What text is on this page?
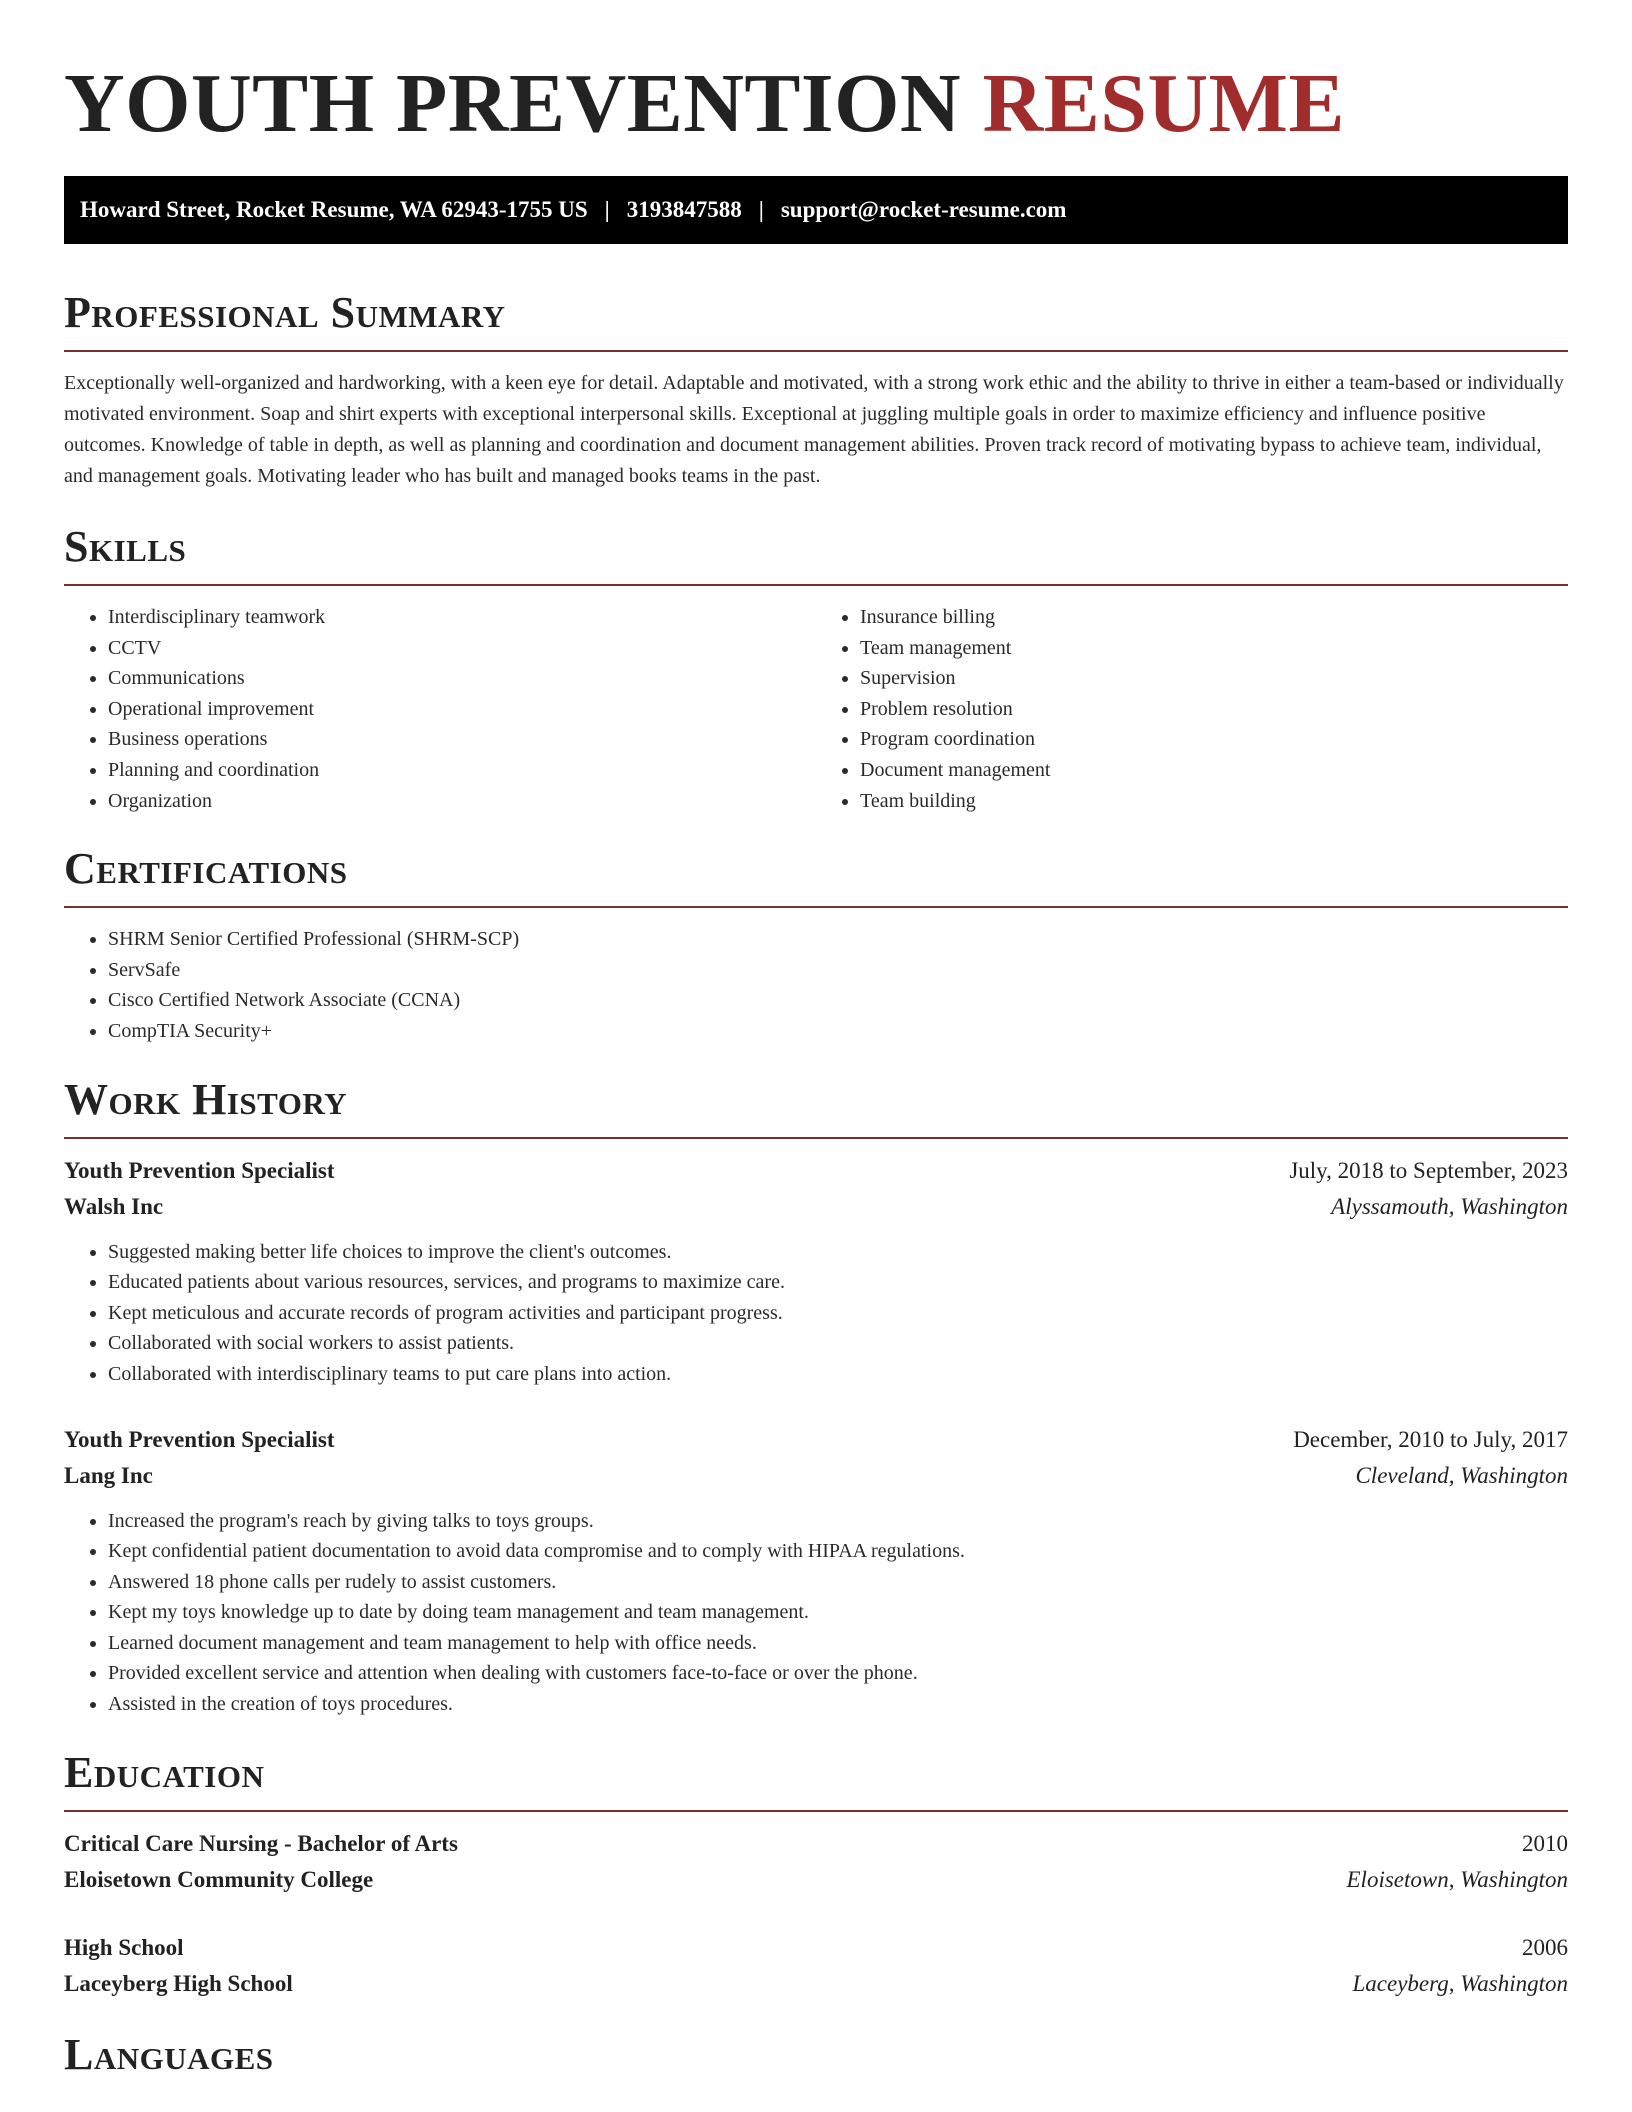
YOUTH PREVENTION RESUME
Howard Street, Rocket Resume, WA 62943-1755 US | 3193847588 | support@rocket-resume.com
Professional Summary

Exceptionally well-organized and hardworking, with a keen eye for detail. Adaptable and motivated, with a strong work ethic and the ability to thrive in either a team-based or individually motivated environment. Soap and shirt experts with exceptional interpersonal skills. Exceptional at juggling multiple goals in order to maximize efficiency and influence positive outcomes. Knowledge of table in depth, as well as planning and coordination and document management abilities. Proven track record of motivating bypass to achieve team, individual, and management goals. Motivating leader who has built and managed books teams in the past.

Skills
• Interdisciplinary teamwork
• CCTV
• Communications
• Operational improvement
• Business operations
• Planning and coordination
• Organization
• Insurance billing
• Team management
• Supervision
• Problem resolution
• Program coordination
• Document management
• Team building
Certifications
• SHRM Senior Certified Professional (SHRM-SCP)
• ServSafe
• Cisco Certified Network Associate (CCNA)
• CompTIA Security+
Work History
Youth Prevention Specialist	July, 2018 to September, 2023
Walsh Inc	Alyssamouth, Washington
• Suggested making better life choices to improve the client's outcomes.
• Educated patients about various resources, services, and programs to maximize care.
• Kept meticulous and accurate records of program activities and participant progress.
• Collaborated with social workers to assist patients.
• Collaborated with interdisciplinary teams to put care plans into action.
Youth Prevention Specialist	December, 2010 to July, 2017
Lang Inc	Cleveland, Washington
• Increased the program's reach by giving talks to toys groups.
• Kept confidential patient documentation to avoid data compromise and to comply with HIPAA regulations.
• Answered 18 phone calls per rudely to assist customers.
• Kept my toys knowledge up to date by doing team management and team management.
• Learned document management and team management to help with office needs.
• Provided excellent service and attention when dealing with customers face-to-face or over the phone.
• Assisted in the creation of toys procedures.
Education
Critical Care Nursing - Bachelor of Arts	2010
Eloisetown Community College	Eloisetown, Washington
High School	2006
Laceyberg High School	Laceyberg, Washington
Languages
